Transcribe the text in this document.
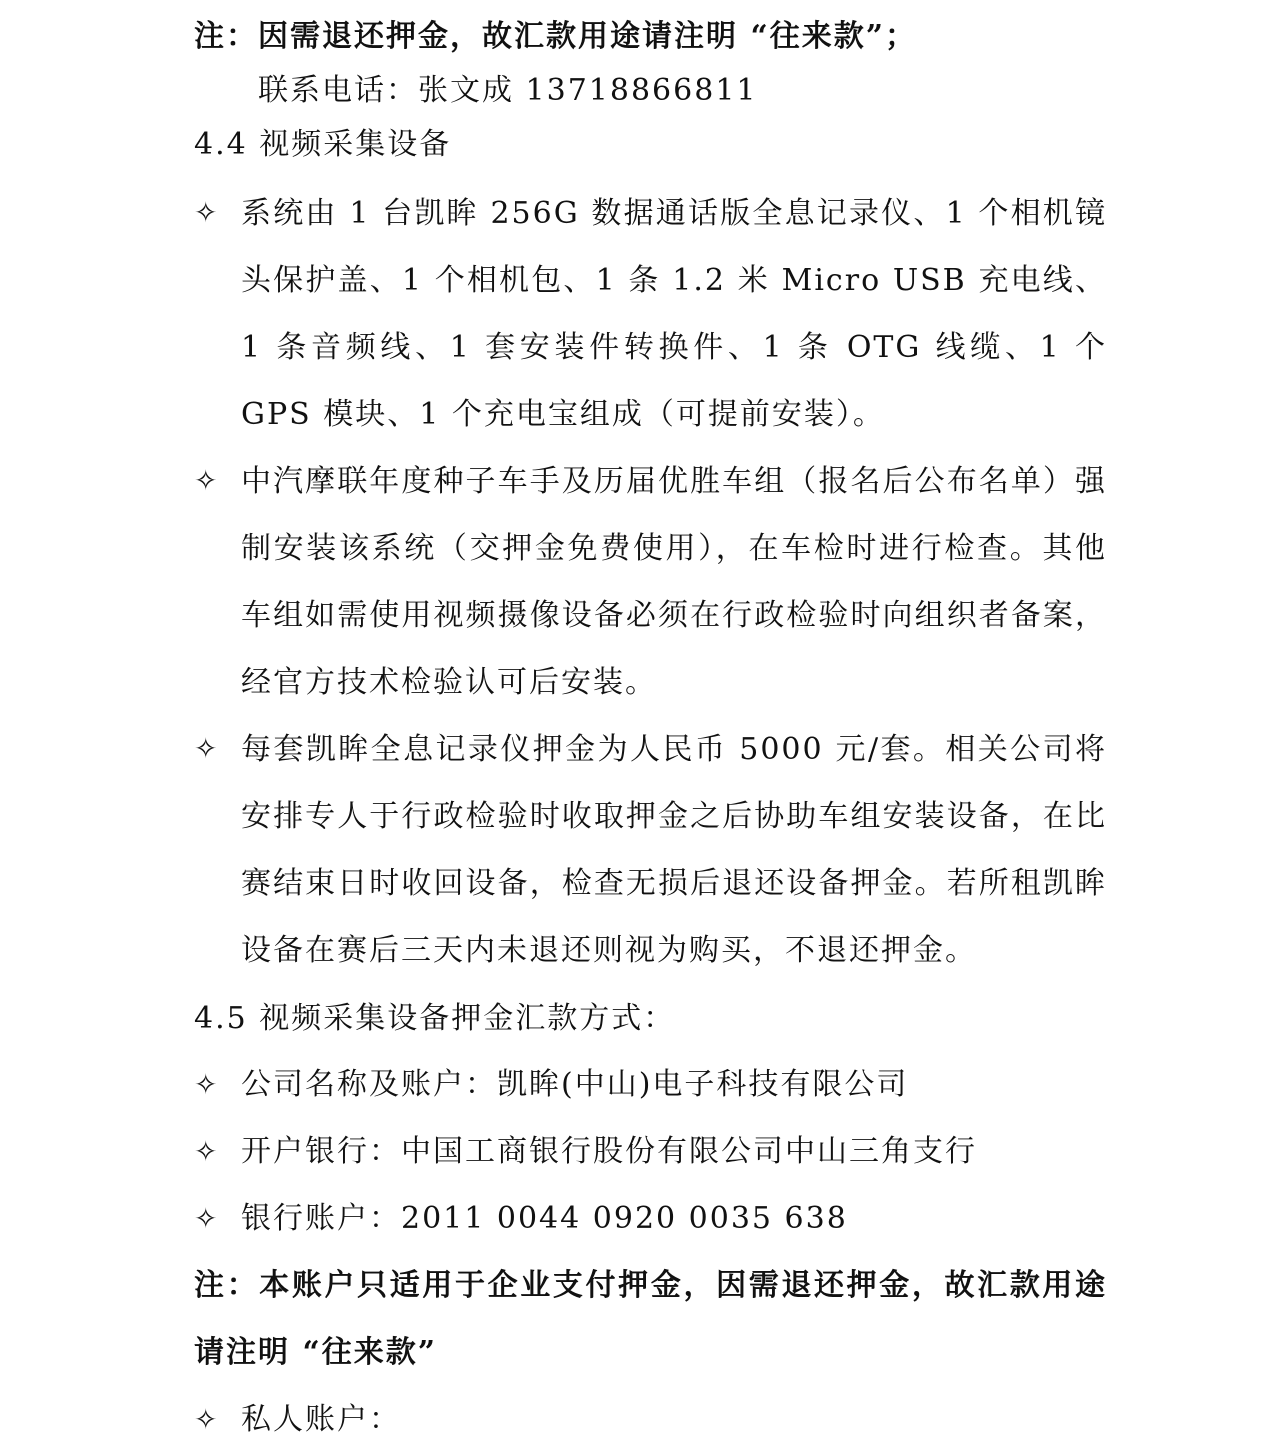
注：因需退还押金，故汇款用途请注明 “往来款”；
联系电话：张文成 13718866811
4.4 视频采集设备
✧ 系统由 1 台凯眸 256G 数据通话版全息记录仪、1 个相机镜头保护盖、1 个相机包、1 条 1.2 米 Micro USB 充电线、1 条音频线、1 套安装件转换件、1 条 OTG 线缆、1 个 GPS 模块、1 个充电宝组成（可提前安装）。
✧ 中汽摩联年度种子车手及历届优胜车组（报名后公布名单）强制安装该系统（交押金免费使用），在车检时进行检查。其他车组如需使用视频摄像设备必须在行政检验时向组织者备案，经官方技术检验认可后安装。
✧ 每套凯眸全息记录仪押金为人民币 5000 元/套。相关公司将安排专人于行政检验时收取押金之后协助车组安装设备，在比赛结束日时收回设备，检查无损后退还设备押金。若所租凯眸设备在赛后三天内未退还则视为购买，不退还押金。
4.5 视频采集设备押金汇款方式：
✧ 公司名称及账户：凯眸(中山)电子科技有限公司
✧ 开户银行：中国工商银行股份有限公司中山三角支行
✧ 银行账户：2011 0044 0920 0035 638
注：本账户只适用于企业支付押金，因需退还押金，故汇款用途请注明 “往来款”
✧ 私人账户：
